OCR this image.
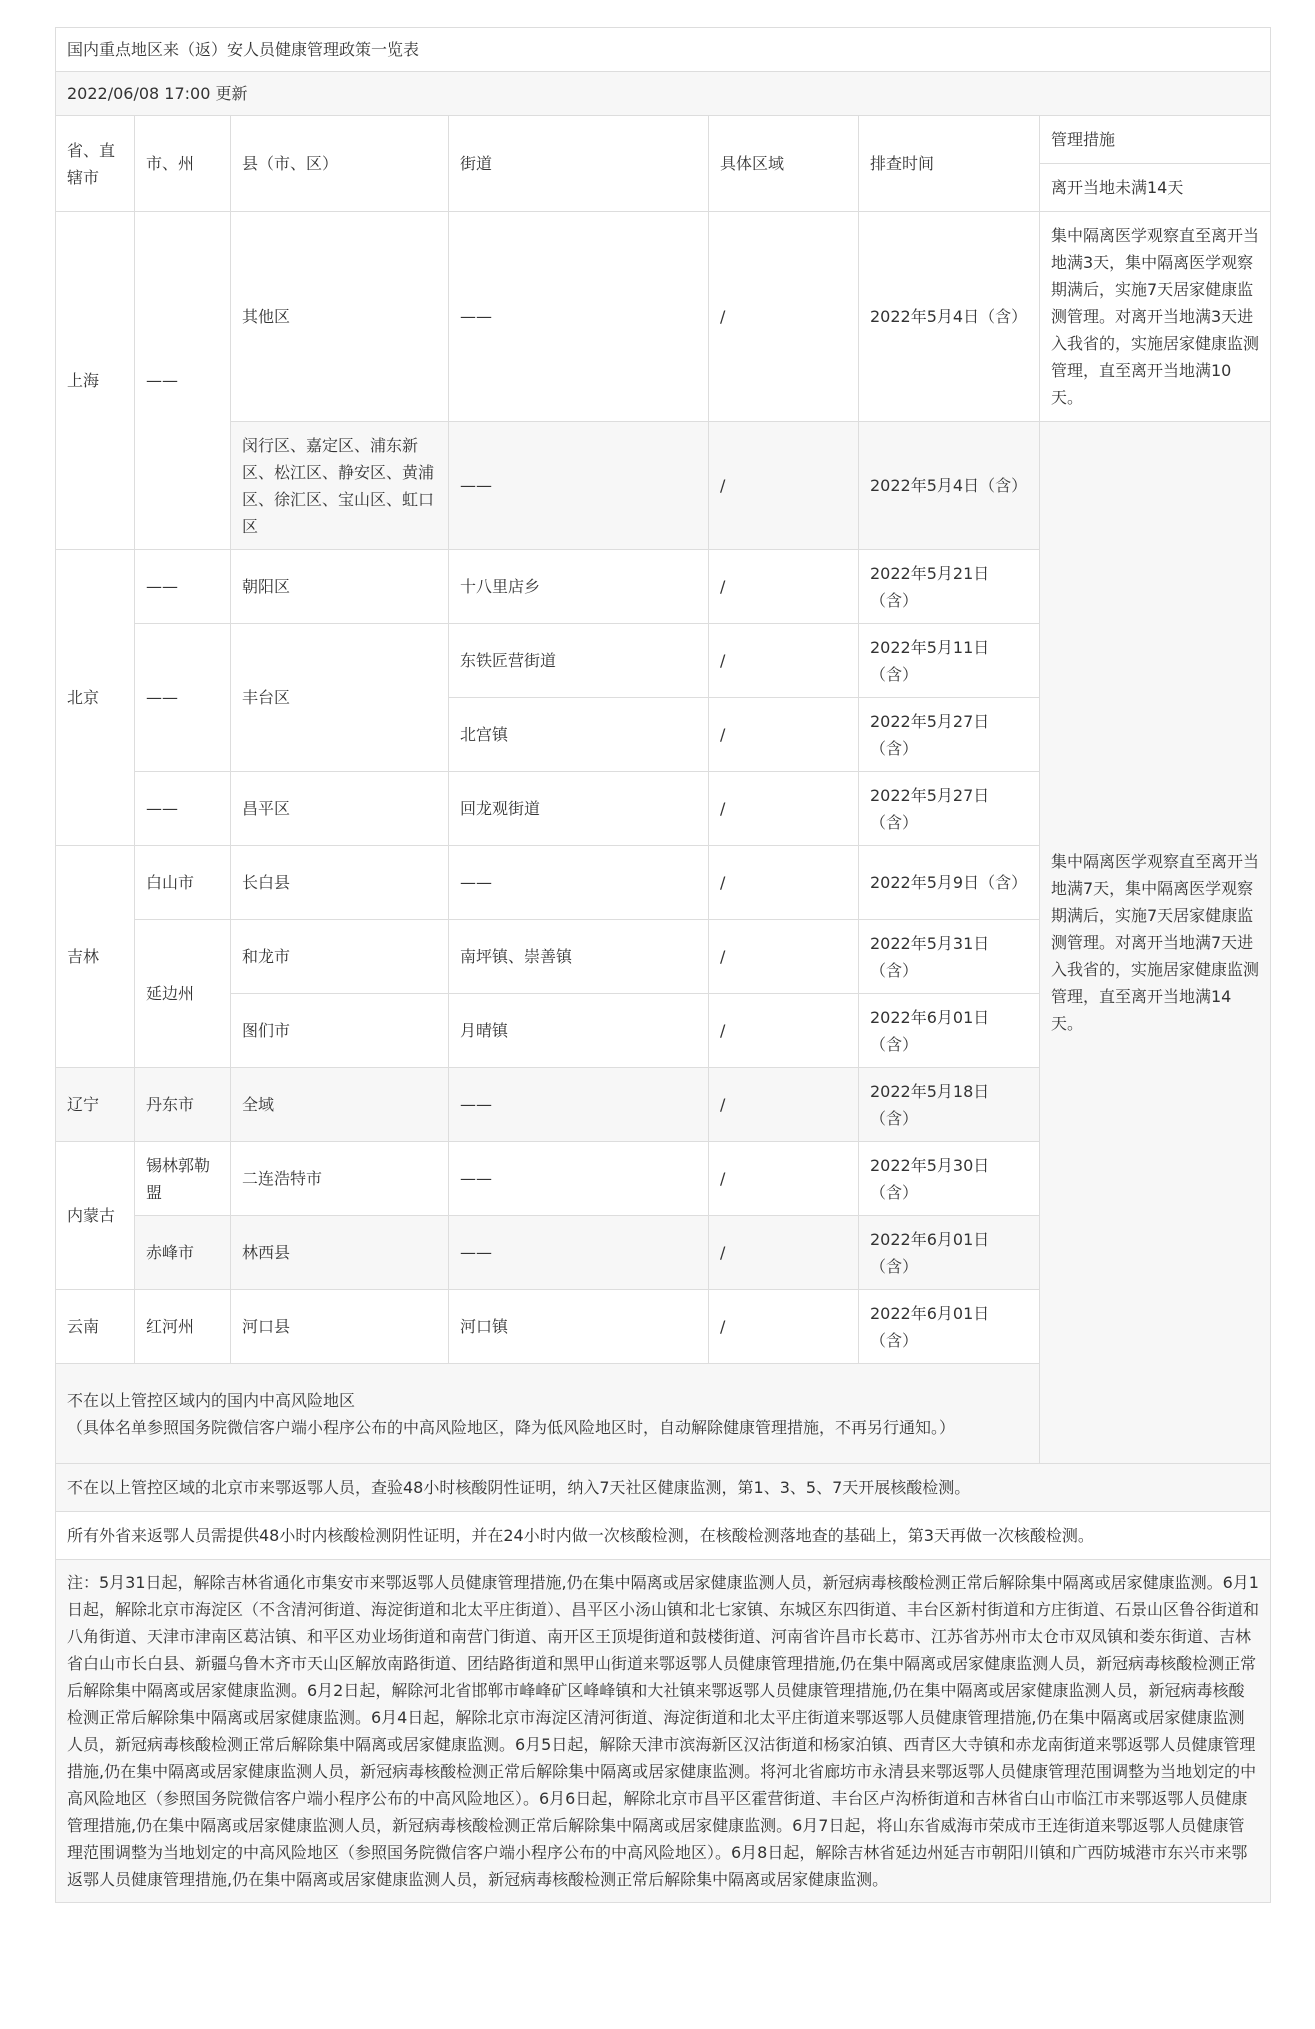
国内重点地区来（返）安人员健康管理政策一览表						
2022/06/08 17:00 更新						
省、直辖市	市、州	县（市、区）	街道	具体区域	排查时间	管理措施
						离开当地未满14天
上海	——	其他区	——	/	2022年5月4日（含）	集中隔离医学观察直至离开当地满3天，集中隔离医学观察期满后，实施7天居家健康监测管理。对离开当地满3天进入我省的，实施居家健康监测管理，直至离开当地满10天。
		闵行区、嘉定区、浦东新区、松江区、静安区、黄浦区、徐汇区、宝山区、虹口区	——	/	2022年5月4日（含）	集中隔离医学观察直至离开当地满7天，集中隔离医学观察期满后，实施7天居家健康监测管理。对离开当地满7天进入我省的，实施居家健康监测管理，直至离开当地满14天。
北京	——	朝阳区	十八里店乡	/	2022年5月21日（含）	
	——	丰台区	东铁匠营街道	/	2022年5月11日（含）	
			北宫镇	/	2022年5月27日（含）	
	——	昌平区	回龙观街道	/	2022年5月27日（含）	
吉林	白山市	长白县	——	/	2022年5月9日（含）	
	延边州	和龙市	南坪镇、崇善镇	/	2022年5月31日（含）	
		图们市	月晴镇	/	2022年6月01日（含）	
辽宁	丹东市	全域	——	/	2022年5月18日（含）	
内蒙古	锡林郭勒盟	二连浩特市	——	/	2022年5月30日（含）	
	赤峰市	林西县	——	/	2022年6月01日（含）	
云南	红河州	河口县	河口镇	/	2022年6月01日（含）	

不在以上管控区域内的国内中高风险地区
（具体名单参照国务院微信客户端小程序公布的中高风险地区，降为低风险地区时，自动解除健康管理措施，不再另行通知。）						

不在以上管控区域的北京市来鄂返鄂人员，查验48小时核酸阴性证明，纳入7天社区健康监测，第1、3、5、7天开展核酸检测。						
所有外省来返鄂人员需提供48小时内核酸检测阴性证明，并在24小时内做一次核酸检测，在核酸检测落地查的基础上，第3天再做一次核酸检测。						
注：5月31日起，解除吉林省通化市集安市来鄂返鄂人员健康管理措施,仍在集中隔离或居家健康监测人员，新冠病毒核酸检测正常后解除集中隔离或居家健康监测。6月1日起，解除北京市海淀区（不含清河街道、海淀街道和北太平庄街道）、昌平区小汤山镇和北七家镇、东城区东四街道、丰台区新村街道和方庄街道、石景山区鲁谷街道和八角街道、天津市津南区葛沽镇、和平区劝业场街道和南营门街道、南开区王顶堤街道和鼓楼街道、河南省许昌市长葛市、江苏省苏州市太仓市双凤镇和娄东街道、吉林省白山市长白县、新疆乌鲁木齐市天山区解放南路街道、团结路街道和黑甲山街道来鄂返鄂人员健康管理措施,仍在集中隔离或居家健康监测人员，新冠病毒核酸检测正常后解除集中隔离或居家健康监测。6月2日起，解除河北省邯郸市峰峰矿区峰峰镇和大社镇来鄂返鄂人员健康管理措施,仍在集中隔离或居家健康监测人员，新冠病毒核酸检测正常后解除集中隔离或居家健康监测。6月4日起，解除北京市海淀区清河街道、海淀街道和北太平庄街道来鄂返鄂人员健康管理措施,仍在集中隔离或居家健康监测人员，新冠病毒核酸检测正常后解除集中隔离或居家健康监测。6月5日起，解除天津市滨海新区汉沽街道和杨家泊镇、西青区大寺镇和赤龙南街道来鄂返鄂人员健康管理措施,仍在集中隔离或居家健康监测人员，新冠病毒核酸检测正常后解除集中隔离或居家健康监测。将河北省廊坊市永清县来鄂返鄂人员健康管理范围调整为当地划定的中高风险地区（参照国务院微信客户端小程序公布的中高风险地区）。6月6日起，解除北京市昌平区霍营街道、丰台区卢沟桥街道和吉林省白山市临江市来鄂返鄂人员健康管理措施,仍在集中隔离或居家健康监测人员，新冠病毒核酸检测正常后解除集中隔离或居家健康监测。6月7日起，将山东省威海市荣成市王连街道来鄂返鄂人员健康管理范围调整为当地划定的中高风险地区（参照国务院微信客户端小程序公布的中高风险地区）。6月8日起，解除吉林省延边州延吉市朝阳川镇和广西防城港市东兴市来鄂返鄂人员健康管理措施,仍在集中隔离或居家健康监测人员，新冠病毒核酸检测正常后解除集中隔离或居家健康监测。						
